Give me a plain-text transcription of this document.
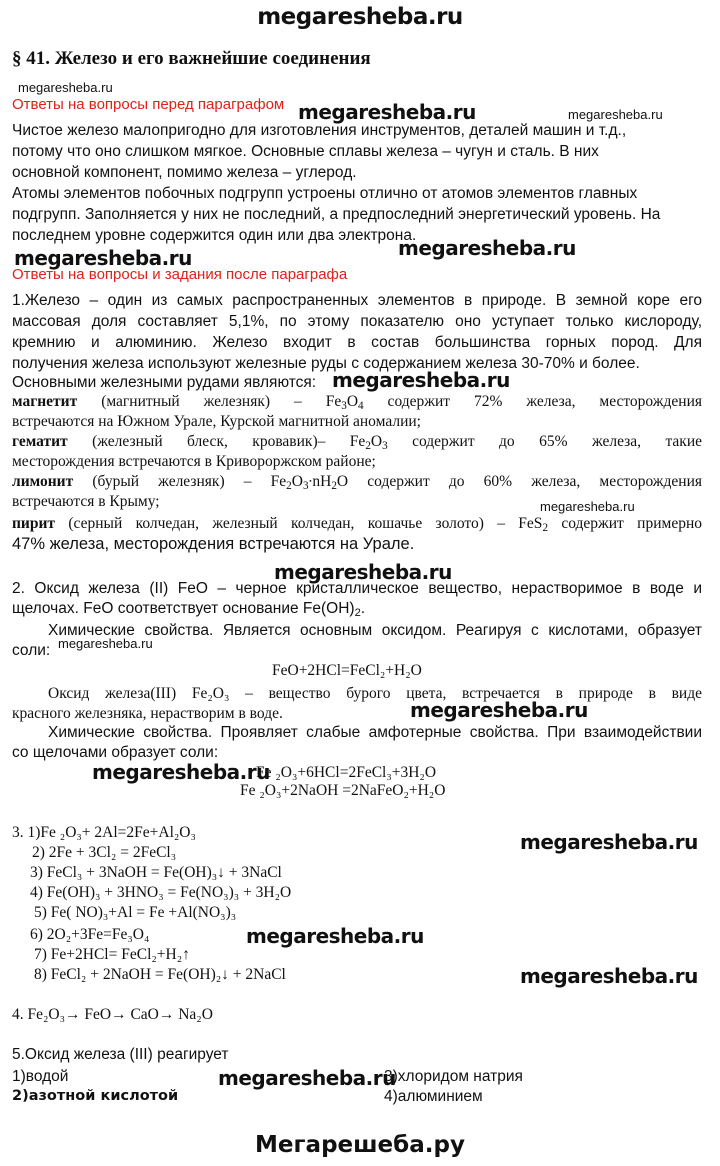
megaresheba.ru
§ 41. Железо и его важнейшие соединения
megaresheba.ru
Ответы на вопросы перед параграфом megaresheba.ru	megaresheba.ru
Чистое железо малопригодно для изготовления инструментов, деталей машин и т.д.,
потому что оно слишком мягкое. Основные сплавы железа – чугун и сталь. В них
основной компонент, помимо железа – углерод.
Атомы элементов побочных подгрупп устроены отлично от атомов элементов главных
подгрупп. Заполняется у них не последний, а предпоследний энергетический уровень. На
последнем уровне содержится один или два электрона.
megaresheba.ru	megaresheba.ru
Ответы на вопросы и задания после параграфа
1.Железо – один из самых распространенных элементов в природе. В земной коре его
массовая доля составляет 5,1%, по этому показателю оно уступает только кислороду,
кремнию и алюминию. Железо входит в состав большинства горных пород. Для
получения железа используют железные руды с содержанием железа 30-70% и более.
Основными железными рудами являются: megaresheba.ru
магнетит (магнитный железняк) – $Fe_3O_4$ содержит 72% железа, месторождения
встречаются на Южном Урале, Курской магнитной аномалии;
гематит (железный блеск, кровавик)– $Fe_2O_3$ содержит до 65% железа, такие
месторождения встречаются в Кривороржском районе;
лимонит (бурый железняк) – $Fe_2O_3\cdot nH_2O$ содержит до 60% железа, месторождения
встречаются в Крыму;	megaresheba.ru
пирит (серный колчедан, железный колчедан, кошачье золото) – FeS$_2$ содержит примерно
47% железа, месторождения встречаются на Урале.
megaresheba.ru
2. Оксид железа (II) FeO – черное кристаллическое вещество, нерастворимое в воде и
щелочах. FeO соответствует основание $Fe(OH)_2$.
Химические свойства. Является основным оксидом. Реагируя с кислотами, образует
соли: megaresheba.ru
FeO+2HCl=FeCl₂+H₂O
Оксид железа(III) Fe₂O₃ – вещество бурого цвета, встречается в природе в виде
красного железняка, нерастворим в воде.	megaresheba.ru
Химические свойства. Проявляет слабые амфотерные свойства. При взаимодействии
со щелочами образует соли:
megaresheba.ru
Fe ₂O₃+6HCl=2FeCl₃+3H₂O
Fe ₂O₃+2NaOH =2NaFeO₂+H₂O
3. 1)Fe ₂O₃+ 2Al=2Fe+Al₂O₃	megaresheba.ru
2) 2Fe + 3Cl₂ = 2FeCl₃
3) FeCl₃ + 3NaOH = Fe(OH)₃↓ + 3NaCl
4) Fe(OH)₃ + 3HNO₃ = Fe(NO₃)₃ + 3H₂O
5) Fe( NO)₃+Al = Fe +Al(NO₃)₃
6) 2O₂+3Fe=Fe₃O₄	megaresheba.ru
7) Fe+2HCl= FeCl₂+H₂↑
8) FeCl₂ + 2NaOH = Fe(OH)₂↓ + 2NaCl	megaresheba.ru
4. Fe₂O₃→ FeO→ CaO→ Na₂O
5.Оксид железа (III) реагирует
1)водой	megaresheba.ru
3)хлоридом натрия
2)азотной кислотой	4)алюминием
Мегарешеба.ру
